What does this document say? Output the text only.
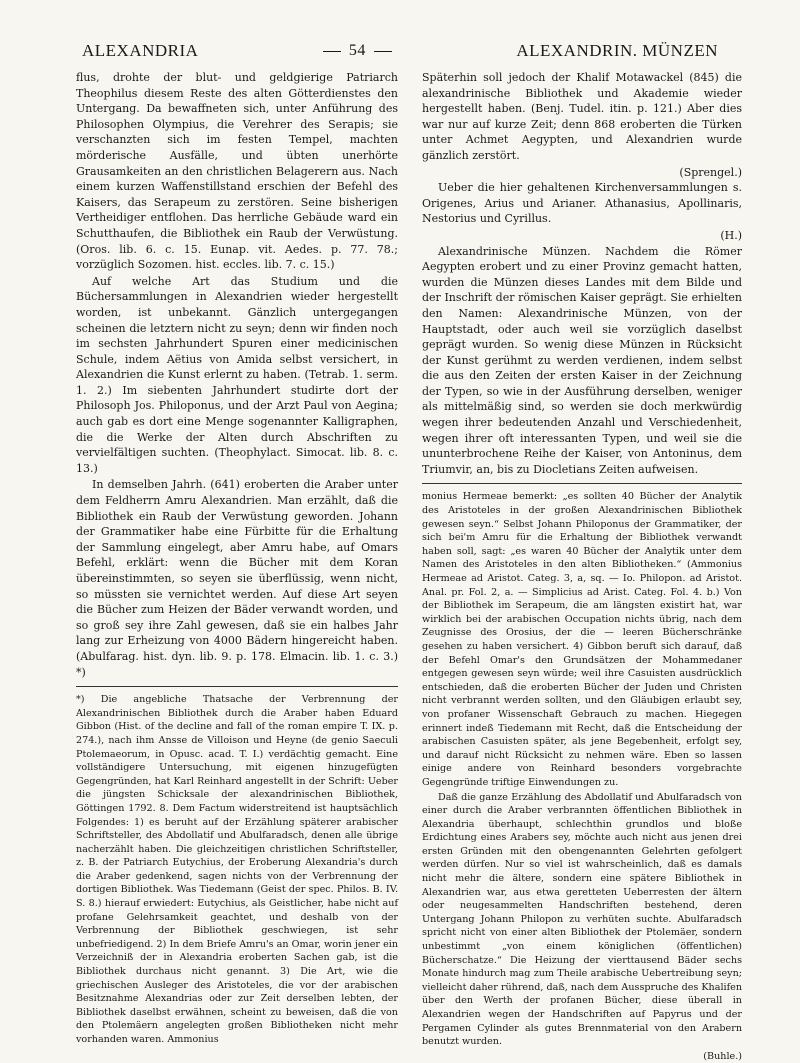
ALEXANDRIA	54	ALEXANDRIN. MÜNZEN

flus, drohte der blut- und geldgierige Patriarch Theophilus diesem Reste des alten Götterdienstes den Untergang. Da bewaffneten sich, unter Anführung des Philosophen Olympius, die Verehrer des Serapis; sie verschanzten sich im festen Tempel, machten mörderische Ausfälle, und übten unerhörte Grausamkeiten an den christlichen Belagerern aus. Nach einem kurzen Waffenstillstand erschien der Befehl des Kaisers, das Serapeum zu zerstören. Seine bisherigen Vertheidiger entflohen. Das herrliche Gebäude ward ein Schutthaufen, die Bibliothek ein Raub der Verwüstung. (Oros. lib. 6. c. 15. Eunap. vit. Aedes. p. 77. 78.; vorzüglich Sozomen. hist. eccles. lib. 7. c. 15.)

Auf welche Art das Studium und die Büchersammlungen in Alexandrien wieder hergestellt worden, ist unbekannt. Gänzlich untergegangen scheinen die letztern nicht zu seyn; denn wir finden noch im sechsten Jahrhundert Spuren einer medicinischen Schule, indem Aëtius von Amida selbst versichert, in Alexandrien die Kunst erlernt zu haben. (Tetrab. 1. serm. 1. 2.) Im siebenten Jahrhundert studirte dort der Philosoph Jos. Philoponus, und der Arzt Paul von Aegina; auch gab es dort eine Menge sogenannter Kalligraphen, die die Werke der Alten durch Abschriften zu vervielfältigen suchten. (Theophylact. Simocat. lib. 8. c. 13.)

In demselben Jahrh. (641) eroberten die Araber unter dem Feldherrn Amru Alexandrien. Man erzählt, daß die Bibliothek ein Raub der Verwüstung geworden. Johann der Grammatiker habe eine Fürbitte für die Erhaltung der Sammlung eingelegt, aber Amru habe, auf Omars Befehl, erklärt: wenn die Bücher mit dem Koran übereinstimmten, so seyen sie überflüssig, wenn nicht, so müssten sie vernichtet werden. Auf diese Art seyen die Bücher zum Heizen der Bäder verwandt worden, und so groß sey ihre Zahl gewesen, daß sie ein halbes Jahr lang zur Erheizung von 4000 Bädern hingereicht haben. (Abulfarag. hist. dyn. lib. 9. p. 178. Elmacin. lib. 1. c. 3.) *)

*) Die angebliche Thatsache der Verbrennung der Alexandrinischen Bibliothek durch die Araber haben Eduard Gibbon (Hist. of the decline and fall of the roman empire T. IX. p. 274.), nach ihm Ansse de Villoison und Heyne (de genio Saeculi Ptolemaeorum, in Opusc. acad. T. I.) verdächtig gemacht. Eine vollständigere Untersuchung, mit eigenen hinzugefügten Gegengründen, hat Karl Reinhard angestellt in der Schrift: Ueber die jüngsten Schicksale der alexandrinischen Bibliothek, Göttingen 1792. 8. Dem Factum widerstreitend ist hauptsächlich Folgendes: 1) es beruht auf der Erzählung späterer arabischer Schriftsteller, des Abdollatif und Abulfaradsch, denen alle übrige nacherzählt haben. Die gleichzeitigen christlichen Schriftsteller, z. B. der Patriarch Eutychius, der Eroberung Alexandria's durch die Araber gedenkend, sagen nichts von der Verbrennung der dortigen Bibliothek. Was Tiedemann (Geist der spec. Philos. B. IV. S. 8.) hierauf erwiedert: Eutychius, als Geistlicher, habe nicht auf profane Gelehrsamkeit geachtet, und deshalb von der Verbrennung der Bibliothek geschwiegen, ist sehr unbefriedigend. 2) In dem Briefe Amru's an Omar, worin jener ein Verzeichniß der in Alexandria eroberten Sachen gab, ist die Bibliothek durchaus nicht genannt. 3) Die Art, wie die griechischen Ausleger des Aristoteles, die vor der arabischen Besitznahme Alexandrias oder zur Zeit derselben lebten, der Bibliothek daselbst erwähnen, scheint zu beweisen, daß die von den Ptolemäern angelegten großen Bibliotheken nicht mehr vorhanden waren. Ammonius

Späterhin soll jedoch der Khalif Motawackel (845) die alexandrinische Bibliothek und Akademie wieder hergestellt haben. (Benj. Tudel. itin. p. 121.) Aber dies war nur auf kurze Zeit; denn 868 eroberten die Türken unter Achmet Aegypten, und Alexandrien wurde gänzlich zerstört.

(Sprengel.)

Ueber die hier gehaltenen Kirchenversammlungen s. Origenes, Arius und Arianer. Athanasius, Apollinaris, Nestorius und Cyrillus.

(H.)

Alexandrinische Münzen. Nachdem die Römer Aegypten erobert und zu einer Provinz gemacht hatten, wurden die Münzen dieses Landes mit dem Bilde und der Inschrift der römischen Kaiser geprägt. Sie erhielten den Namen: Alexandrinische Münzen, von der Hauptstadt, oder auch weil sie vorzüglich daselbst geprägt wurden. So wenig diese Münzen in Rücksicht der Kunst gerühmt zu werden verdienen, indem selbst die aus den Zeiten der ersten Kaiser in der Zeichnung der Typen, so wie in der Ausführung derselben, weniger als mittelmäßig sind, so werden sie doch merkwürdig wegen ihrer bedeutenden Anzahl und Verschiedenheit, wegen ihrer oft interessanten Typen, und weil sie die ununterbrochene Reihe der Kaiser, von Antoninus, dem Triumvir, an, bis zu Diocletians Zeiten aufweisen.

monius Hermeae bemerkt: „es sollten 40 Bücher der Analytik des Aristoteles in der großen Alexandrinischen Bibliothek gewesen seyn.“ Selbst Johann Philoponus der Grammatiker, der sich bei'm Amru für die Erhaltung der Bibliothek verwandt haben soll, sagt: „es waren 40 Bücher der Analytik unter dem Namen des Aristoteles in den alten Bibliotheken.“ (Ammonius Hermeae ad Aristot. Categ. 3, a, sq. — Io. Philopon. ad Aristot. Anal. pr. Fol. 2, a. — Simplicius ad Arist. Categ. Fol. 4. b.) Von der Bibliothek im Serapeum, die am längsten existirt hat, war wirklich bei der arabischen Occupation nichts übrig, nach dem Zeugnisse des Orosius, der die — leeren Bücherschränke gesehen zu haben versichert. 4) Gibbon beruft sich darauf, daß der Befehl Omar's den Grundsätzen der Mohammedaner entgegen gewesen seyn würde; weil ihre Casuisten ausdrücklich entschieden, daß die eroberten Bücher der Juden und Christen nicht verbrannt werden sollten, und den Gläubigen erlaubt sey, von profaner Wissenschaft Gebrauch zu machen. Hiegegen erinnert indeß Tiedemann mit Recht, daß die Entscheidung der arabischen Casuisten später, als jene Begebenheit, erfolgt sey, und darauf nicht Rücksicht zu nehmen wäre. Eben so lassen einige andere von Reinhard besonders vorgebrachte Gegengründe triftige Einwendungen zu.

Daß die ganze Erzählung des Abdollatif und Abulfaradsch von einer durch die Araber verbrannten öffentlichen Bibliothek in Alexandria überhaupt, schlechthin grundlos und bloße Erdichtung eines Arabers sey, möchte auch nicht aus jenen drei ersten Gründen mit den obengenannten Gelehrten gefolgert werden dürfen. Nur so viel ist wahrscheinlich, daß es damals nicht mehr die ältere, sondern eine spätere Bibliothek in Alexandrien war, aus etwa geretteten Ueberresten der ältern oder neugesammelten Handschriften bestehend, deren Untergang Johann Philopon zu verhüten suchte. Abulfaradsch spricht nicht von einer alten Bibliothek der Ptolemäer, sondern unbestimmt „von einem königlichen (öffentlichen) Bücherschatze.“ Die Heizung der vierttausend Bäder sechs Monate hindurch mag zum Theile arabische Uebertreibung seyn; vielleicht daher rührend, daß, nach dem Ausspruche des Khalifen über den Werth der profanen Bücher, diese überall in Alexandrien wegen der Handschriften auf Papyrus und der Pergamen Cylinder als gutes Brennmaterial von den Arabern benutzt wurden.

(Buhle.)
